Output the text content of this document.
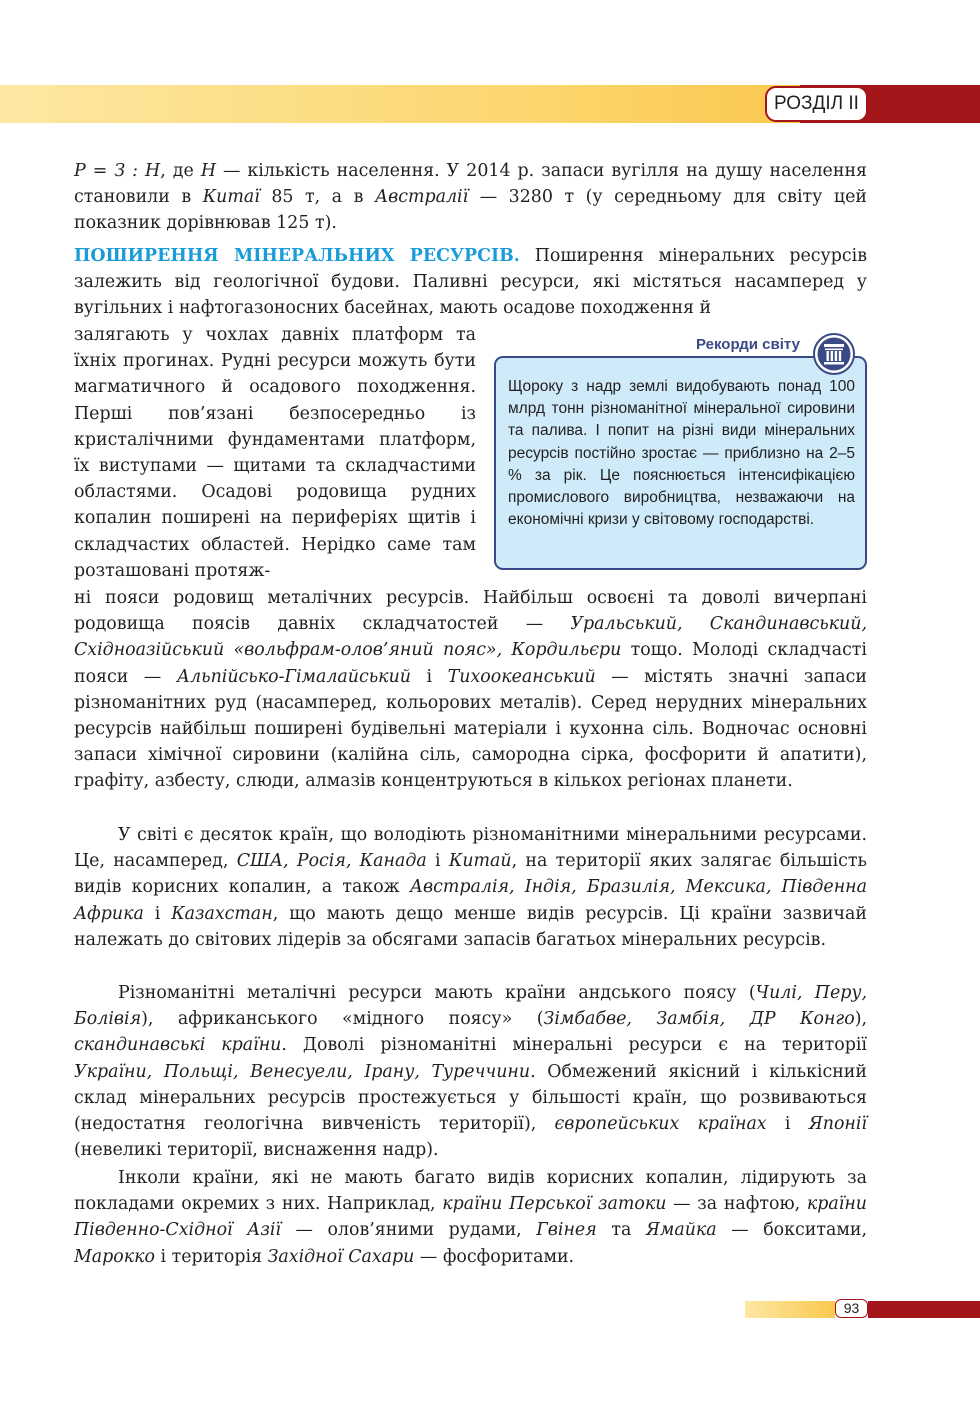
РОЗДІЛ II

Р = З : Н, де Н — кількість населення. У 2014 р. запаси вугілля на душу населення становили в Китаї 85 т, а в Австралії — 3280 т (у середньому для світу цей показник дорівнював 125 т).

ПОШИРЕННЯ МІНЕРАЛЬНИХ РЕСУРСІВ. Поширення мінеральних ресурсів залежить від геологічної будови. Паливні ресурси, які містяться насамперед у вугільних і нафтогазоносних басейнах, мають осадове походження й

залягають у чохлах давніх платформ та їхніх прогинах. Рудні ресурси можуть бути магматичного й осадового походження. Перші пов’язані безпосередньо із кристалічними фундаментами платформ, їх виступами — щитами та складчастими областями. Осадові родовища рудних копалин поширені на периферіях щитів і складчастих областей. Нерідко саме там розташовані протяж-

Рекорди світу

Щороку з надр землі видобувають понад 100 млрд тонн різноманітної мінеральної сировини та палива. І попит на різні види мінеральних ресурсів постійно зростає — приблизно на 2–5 % за рік. Це пояснюється інтенсифікацією промислового виробництва, незважаючи на економічні кризи у світовому господарстві.

ні пояси родовищ металічних ресурсів. Найбільш освоєні та доволі вичерпані родовища поясів давніх складчатостей — Уральський, Скандинавський, Східноазійський «вольфрам-олов’яний пояс», Кордильєри тощо. Молоді складчасті пояси — Альпійсько-Гімалайський і Тихоокеанський — містять значні запаси різноманітних руд (насамперед, кольорових металів). Серед нерудних мінеральних ресурсів найбільш поширені будівельні матеріали і кухонна сіль. Водночас основні запаси хімічної сировини (калійна сіль, самородна сірка, фосфорити й апатити), графіту, азбесту, слюди, алмазів концентруються в кількох регіонах планети.

У світі є десяток країн, що володіють різноманітними мінеральними ресурсами. Це, насамперед, США, Росія, Канада і Китай, на території яких залягає більшість видів корисних копалин, а також Австралія, Індія, Бразилія, Мексика, Південна Африка і Казахстан, що мають дещо менше видів ресурсів. Ці країни зазвичай належать до світових лідерів за обсягами запасів багатьох мінеральних ресурсів.

Різноманітні металічні ресурси мають країни андського поясу (Чилі, Перу, Болівія), африканського «мідного поясу» (Зімбабве, Замбія, ДР Конго), скандинавські країни. Доволі різноманітні мінеральні ресурси є на території України, Польщі, Венесуели, Ірану, Туреччини. Обмежений якісний і кількісний склад мінеральних ресурсів простежується у більшості країн, що розвиваються (недостатня геологічна вивченість території), європейських країнах і Японії (невеликі території, виснаження надр).

Інколи країни, які не мають багато видів корисних копалин, лідирують за покладами окремих з них. Наприклад, країни Перської затоки — за нафтою, країни Південно-Східної Азії — олов’яними рудами, Гвінея та Ямайка — бокситами, Марокко і територія Західної Сахари — фосфоритами.

93
